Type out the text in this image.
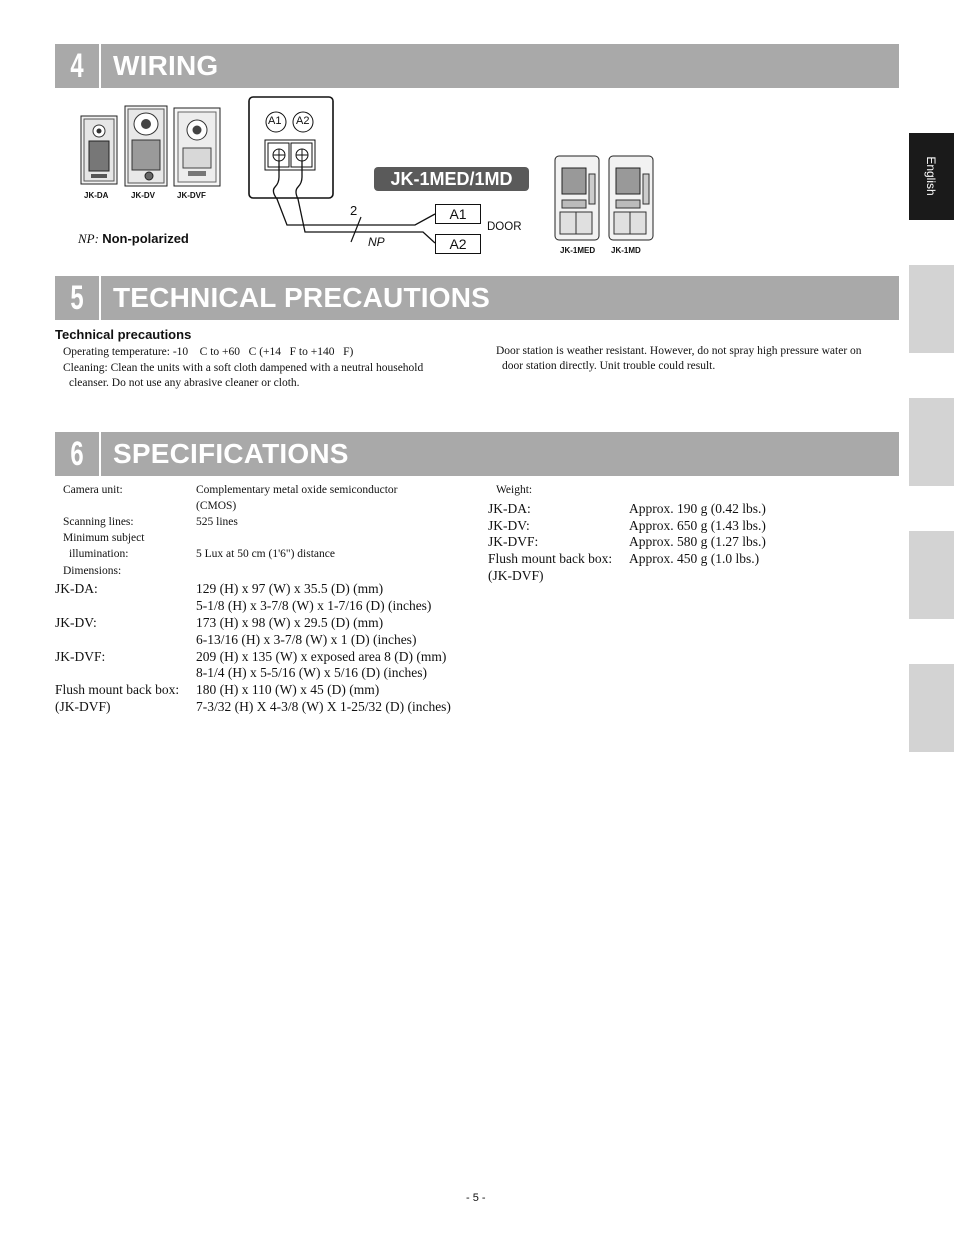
English
4	WIRING
JK-DA	JK-DV	JK-DVF
NP: Non-polarized
A1 A2
JK-1MED/1MD
2
NP
A1
A2
DOOR
JK-1MED JK-1MD
5	TECHNICAL PRECAUTIONS
Technical precautions
Operating temperature: -10    C to +60   C (+14   F to +140   F)
Cleaning: Clean the units with a soft cloth dampened with a neutral household
cleanser. Do not use any abrasive cleaner or cloth.
Door station is weather resistant. However, do not spray high pressure water on
door station directly. Unit trouble could result.
6	SPECIFICATIONS
Camera unit:	Complementary metal oxide semiconductor
(CMOS)
Scanning lines:	525 lines
Minimum subject
illumination:	5 Lux at 50 cm (1'6") distance
Dimensions:
JK-DA:	129 (H) x 97 (W) x 35.5 (D) (mm)
5-1/8 (H) x 3-7/8 (W) x 1-7/16 (D) (inches)
JK-DV:	173 (H) x 98 (W) x 29.5 (D) (mm)
6-13/16 (H) x 3-7/8 (W) x 1 (D) (inches)
JK-DVF:	209 (H) x 135 (W) x exposed area 8 (D) (mm)
8-1/4 (H) x 5-5/16 (W) x 5/16 (D) (inches)
Flush mount back box: 180 (H) x 110 (W) x 45 (D) (mm)
(JK-DVF)	7-3/32 (H) X 4-3/8 (W) X 1-25/32 (D) (inches)
Weight:
JK-DA:	Approx. 190 g (0.42 lbs.)
JK-DV:	Approx. 650 g (1.43 lbs.)
JK-DVF:	Approx. 580 g (1.27 lbs.)
Flush mount back box: Approx. 450 g (1.0 lbs.)
(JK-DVF)
- 5 -
